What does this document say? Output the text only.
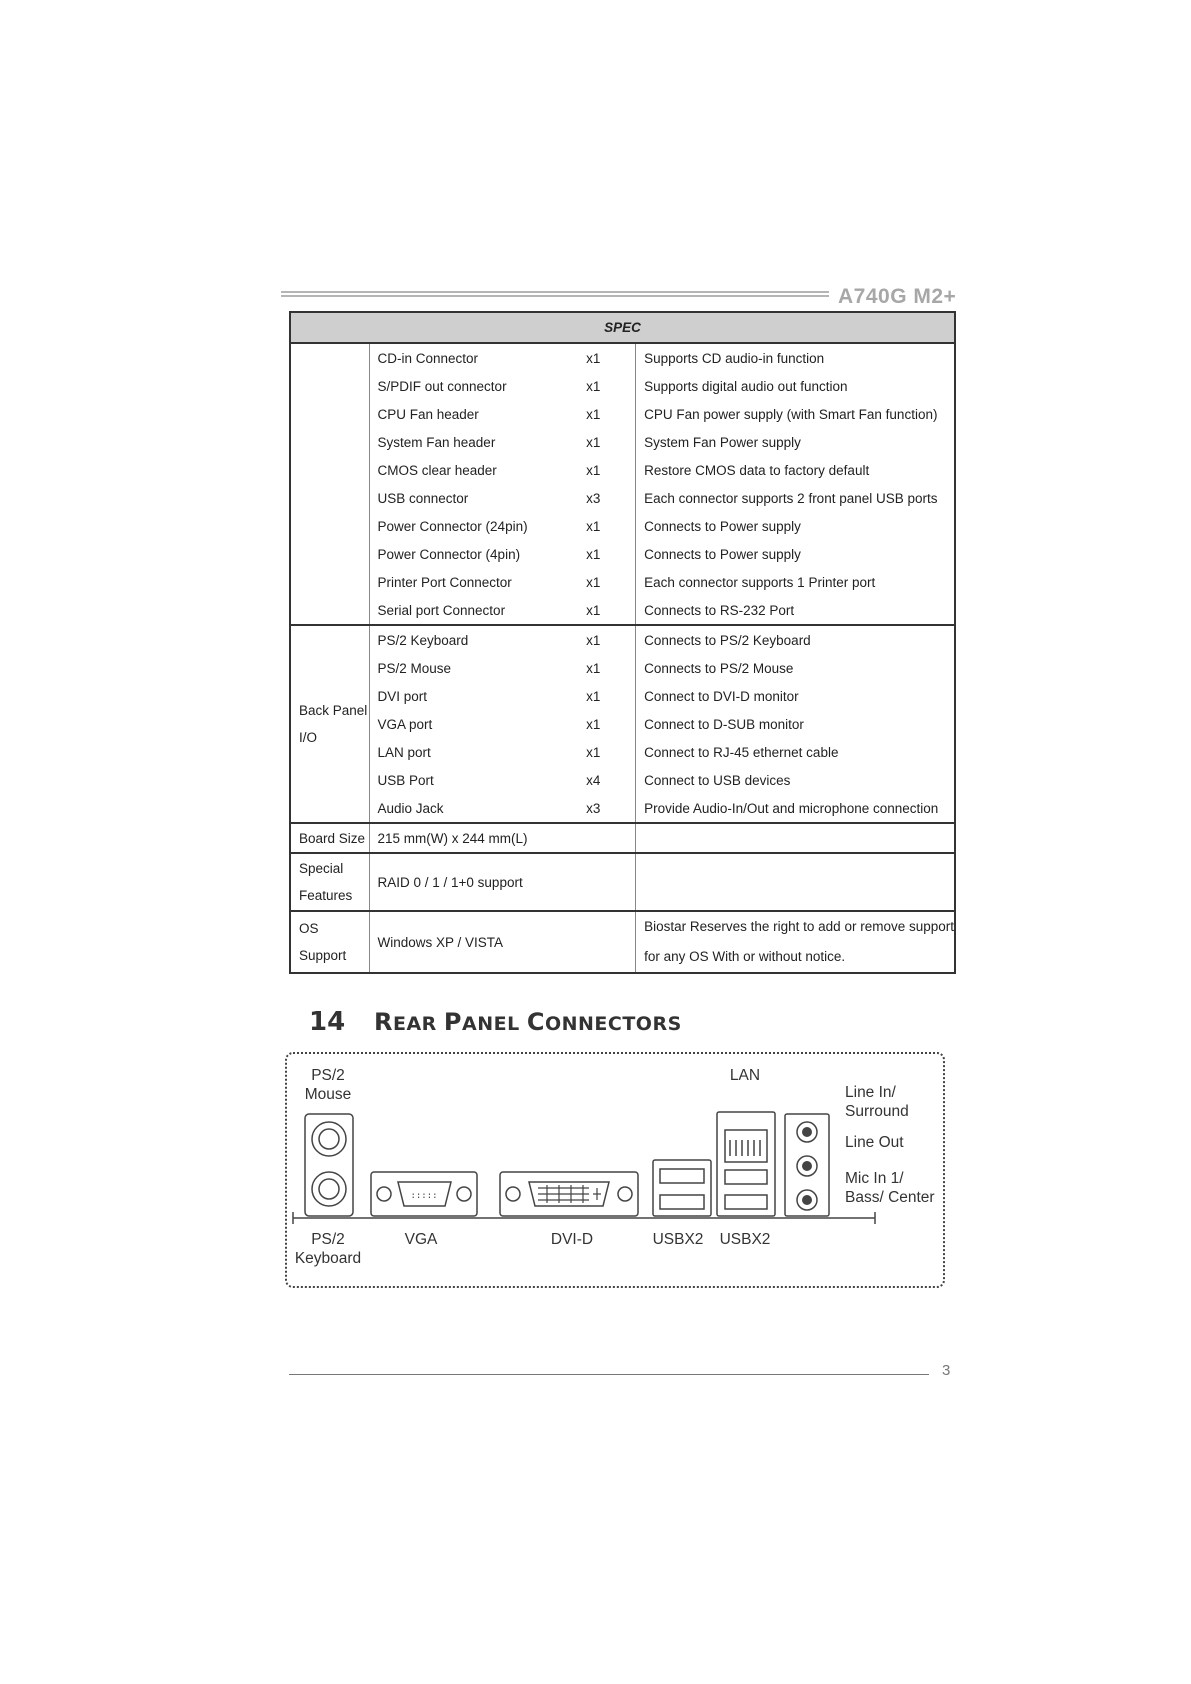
A740G M2+
SPEC			
	CD-in Connector	x1	Supports CD audio-in function
	S/PDIF out connector	x1	Supports digital audio out function
	CPU Fan header	x1	CPU Fan power supply (with Smart Fan function)
	System Fan header	x1	System Fan Power supply
	CMOS clear header	x1	Restore CMOS data to factory default
	USB connector	x3	Each connector supports 2 front panel USB ports
	Power Connector (24pin)	x1	Connects to Power supply
	Power Connector (4pin)	x1	Connects to Power supply
	Printer Port Connector	x1	Each connector supports 1 Printer port
	Serial port Connector	x1	Connects to RS-232 Port
Back Panel I/O	PS/2 Keyboard	x1	Connects to PS/2 Keyboard
	PS/2 Mouse	x1	Connects to PS/2 Mouse
	DVI port	x1	Connect to DVI-D monitor
	VGA port	x1	Connect to D-SUB monitor
	LAN port	x1	Connect to RJ-45 ethernet cable
	USB Port	x4	Connect to USB devices
	Audio Jack	x3	Provide Audio-In/Out and microphone connection
Board Size	215 mm(W) x 244 mm(L)		
Special Features	RAID 0 / 1 / 1+0 support		
OS Support	Windows XP / VISTA		Biostar Reserves the right to add or remove support
for any OS With or without notice.
14 REAR PANEL CONNECTORS
:::::
PS/2
Mouse
LAN
Line In/
Surround
Line Out
Mic In 1/
Bass/ Center
PS/2
Keyboard
VGA	DVI-D	USBX2 USBX2
3
